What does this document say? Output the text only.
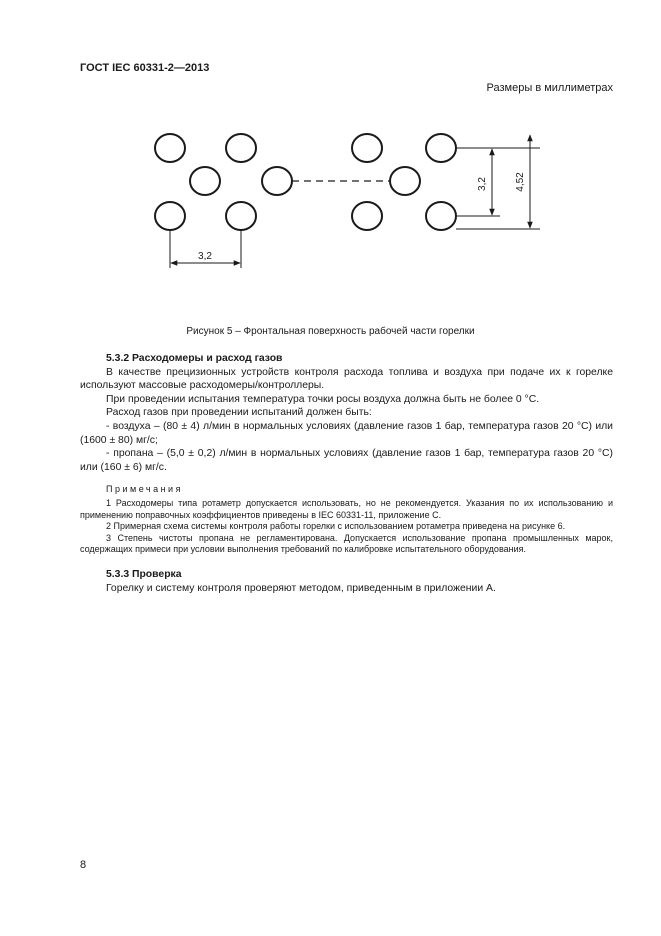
ГОСТ IEC 60331-2—2013
Размеры в миллиметрах
3,2
3,2	4,52
Рисунок 5 – Фронтальная поверхность рабочей части горелки
5.3.2 Расходомеры и расход газов
В качестве прецизионных устройств контроля расхода топлива и воздуха при подаче их к горелке используют массовые расходомеры/контроллеры.
При проведении испытания температура точки росы воздуха должна быть не более 0 °С.
Расход газов при проведении испытаний должен быть:
- воздуха – (80 ± 4) л/мин в нормальных условиях (давление газов 1 бар, температура газов 20 °С) или (1600 ± 80) мг/с;
- пропана – (5,0 ± 0,2) л/мин в нормальных условиях (давление газов 1 бар, температура газов 20 °С) или (160 ± 6) мг/с.
Примечания
1 Расходомеры типа ротаметр допускается использовать, но не рекомендуется. Указания по их использованию и применению поправочных коэффициентов приведены в IEC 60331-11, приложение С.
2 Примерная схема системы контроля работы горелки с использованием ротаметра приведена на рисунке 6.
3 Степень чистоты пропана не регламентирована. Допускается использование пропана промышленных марок, содержащих примеси при условии выполнения требований по калибровке испытательного оборудования.
5.3.3 Проверка
Горелку и систему контроля проверяют методом, приведенным в приложении А.
8
